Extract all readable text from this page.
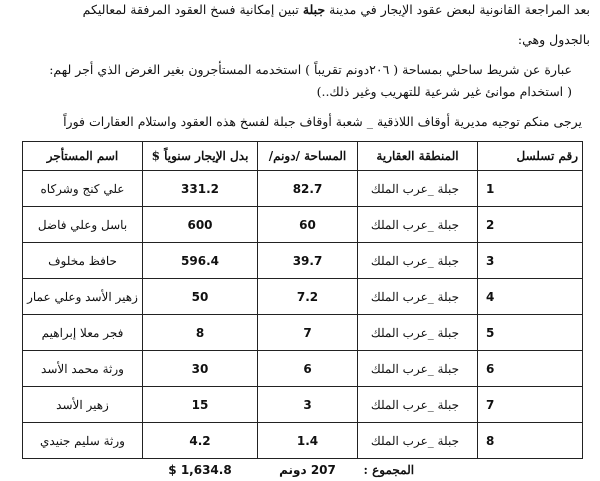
بعد المراجعة القانونية لبعض عقود الإيجار في مدينة جبلة تبين إمكانية فسخ العقود المرفقة لمعاليكم
بالجدول وهي:
عبارة عن شريط ساحلي بمساحة ( ٢٠٦دونم تقريباً ) استخدمه المستأجرون بغير الغرض الذي أجر لهم:
( استخدام موانئ غير شرعية للتهريب وغير ذلك..)
يرجى منكم توجيه مديرية أوقاف اللاذقية _ شعبة أوقاف جبلة لفسخ هذه العقود واستلام العقارات فوراً
رقم تسلسل	المنطقة العقارية	المساحة /دونم/	بدل الإيجار سنوياً $	اسم المستأجر
1	جبلة _عرب الملك	82.7	331.2	علي كنج وشركاه
2	جبلة _عرب الملك	60	600	باسل وعلي فاضل
3	جبلة _عرب الملك	39.7	596.4	حافظ مخلوف
4	جبلة _عرب الملك	7.2	50	زهير الأسد وعلي عمار
5	جبلة _عرب الملك	7	8	فجر معلا إبراهيم
6	جبلة _عرب الملك	6	30	ورثة محمد الأسد
7	جبلة _عرب الملك	3	15	زهير الأسد
8	جبلة _عرب الملك	1.4	4.2	ورثة سليم جنيدي
	المجموع :	207 دونم	$ 1,634.8	
